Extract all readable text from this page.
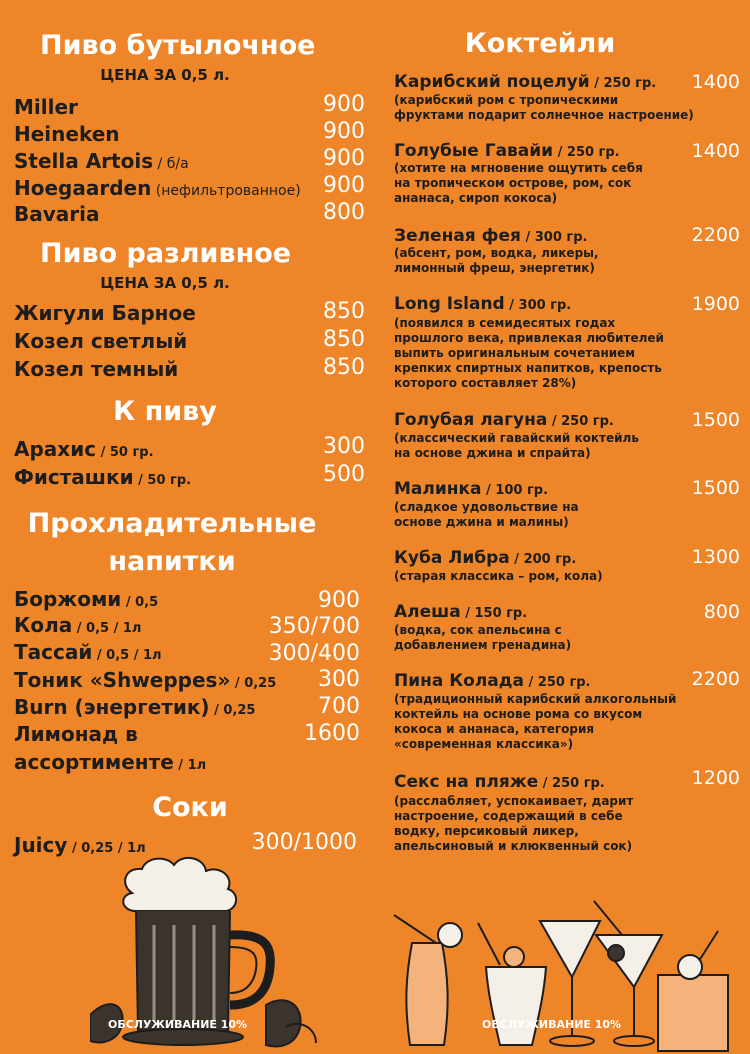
Пиво бутылочное
ЦЕНА ЗА 0,5 л.
Miller	900
Heineken	900
Stella Artois / б/а	900
Hoegaarden (нефильтрованное) 900
Bavaria	800
Пиво разливное
ЦЕНА ЗА 0,5 л.
Жигули Барное	850
Козел светлый	850
Козел темный	850
К пиву
Арахис / 50 гр.	300
Фисташки / 50 гр.	500
Прохладительные
напитки
Боржоми / 0,5	900
Кола / 0,5 / 1л	350/700
Тассай / 0,5 / 1л	300/400
Тоник «Shweppes» / 0,25 300
Burn (энергетик) / 0,25	700
Лимонад в	1600
ассортименте / 1л
Соки
Juicy / 0,25 / 1л	300/1000
ОБСЛУЖИВАНИЕ 10%
Коктейли
Карибский поцелуй / 250 гр. 1400
(карибский ром с тропическими
фруктами подарит солнечное настроение)
Голубые Гавайи / 250 гр.	1400
(хотите на мгновение ощутить себя
на тропическом острове, ром, сок
ананаса, сироп кокоса)
Зеленая фея / 300 гр.	2200
(абсент, ром, водка, ликеры,
лимонный фреш, энергетик)
Long Island / 300 гр.	1900
(появился в семидесятых годах
прошлого века, привлекая любителей
выпить оригинальным сочетанием
крепких спиртных напитков, крепость
которого составляет 28%)
Голубая лагуна / 250 гр.	1500
(классический гавайский коктейль
на основе джина и спрайта)
Малинка / 100 гр.	1500
(сладкое удовольствие на
основе джина и малины)
Куба Либра / 200 гр.	1300
(старая классика – ром, кола)
Алеша / 150 гр.	800
(водка, сок апельсина с
добавлением гренадина)
Пина Колада / 250 гр.	2200
(традиционный карибский алкогольный
коктейль на основе рома со вкусом
кокоса и ананаса, категория
«современная классика»)
Секс на пляже / 250 гр.	1200
(расслабляет, успокаивает, дарит
настроение, содержащий в себе
водку, персиковый ликер,
апельсиновый и клюквенный сок)
ОБСЛУЖИВАНИЕ 10%
